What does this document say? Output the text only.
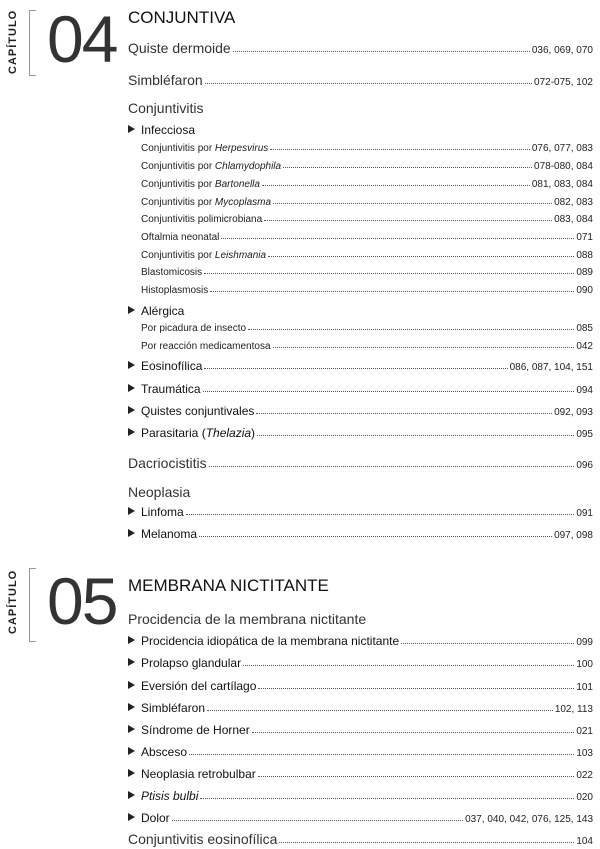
CAPÍTULO 04 CONJUNTIVA
Quiste dermoide	036, 069, 070
Simbléfaron	072-075, 102
Conjuntivitis
Infecciosa
Conjuntivitis por Herpesvirus	076, 077, 083
Conjuntivitis por Chlamydophila	078-080, 084
Conjuntivitis por Bartonella	081, 083, 084
Conjuntivitis por Mycoplasma	082, 083
Conjuntivitis polimicrobiana	083, 084
Oftalmia neonatal	071
Conjuntivitis por Leishmania	088
Blastomicosis	089
Histoplasmosis	090
Alérgica
Por picadura de insecto	085
Por reacción medicamentosa	042
Eosinofílica	086, 087, 104, 151
Traumática	094
Quistes conjuntivales	092, 093
Parasitaria (Thelazia)	095
Dacriocistitis	096
Neoplasia
Linfoma	091
Melanoma	097, 098
CAPÍTULO 05 MEMBRANA NICTITANTE
Procidencia de la membrana nictitante
Procidencia idiopática de la membrana nictitante	099
Prolapso glandular	100
Eversión del cartílago	101
Simbléfaron	102, 113
Síndrome de Horner	021
Absceso	103
Neoplasia retrobulbar	022
Ptisis bulbi	020
Dolor	037, 040, 042, 076, 125, 143
Conjuntivitis eosinofílica	104
